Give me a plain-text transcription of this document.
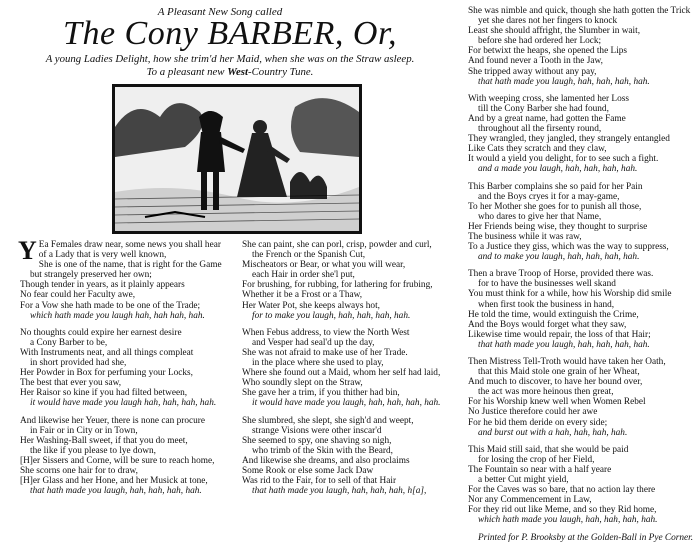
A Pleasant New Song called
The Cony BARBER, Or,
A young Ladies Delight, how she trim'd her Maid, when she was on the Straw asleep.
To a pleasant new West-Country Tune.
Y Ea Females draw near, some news you shall hear
of a Lady that is very well known,
She is one of the name, that is right for the Game
but strangely preserved her own;
Though tender in years, as it plainly appears
No fear could her Faculty awe,
For a Vow she hath made to be one of the Trade;
which hath made you laugh hah, hah hah, hah.
No thoughts could expire her earnest desire
a Cony Barber to be,
With Instruments neat, and all things compleat
in short provided had she,
Her Powder in Box for perfuming your Locks,
The best that ever you saw,
Her Raisor so kine if you had filted between,
it would have made you laugh hah, hah, hah, hah.
And likewise her Yeuer, there is none can procure
in Fair or in City or in Town,
Her Washing-Ball sweet, if that you do meet,
the like if you please to lye down,
[H]er Sissers and Corne, will be sure to reach home,
She scorns one hair for to draw,
[H]er Glass and her Hone, and her Musick at tone,
that hath made you laugh, hah, hah, hah, hah.
She can paint, she can porl, crisp, powder and curl,
the French or the Spanish Cut,
Mischeators or Bear, or what you will wear,
each Hair in order she'l put,
For brushing, for rubbing, for lathering for frubing,
Whether it be a Frost or a Thaw,
Her Water Pot, she keeps always hot,
for to make you laugh, hah, hah, hah, hah.
When Febus address, to view the North West
and Vesper had seal'd up the day,
She was not afraid to make use of her Trade.
in the place where she used to play,
Where she found out a Maid, whom her self had laid,
Who soundly slept on the Straw,
She gave her a trim, if you thither had bin,
it would have made you laugh, hah, hah, hah, hah.
She slumbred, she slept, she sigh'd and weept,
strange Visions were other inscar'd
She seemed to spy, one shaving so nigh,
who trimb of the Skin with the Beard,
And likewise she dreams, and also proclaims
Some Rook or else some Jack Daw
Was rid to the Fair, for to sell of that Hair
that hath made you laugh, hah, hah, hah, h[a],
She was nimble and quick, though she hath gotten the Trick
yet she dares not her fingers to knock
Least she should affright, the Slumber in wait,
before she had ordered her Lock;
For betwixt the heaps, she opened the Lips
And found never a Tooth in the Jaw,
She tripped away without any pay,
that hath made you laugh, hah, hah, hah, hah.
With weeping cross, she lamented her Loss
till the Cony Barber she had found,
And by a great name, had gotten the Fame
throughout all the firsenty round,
They wrangled, they jangled, they strangely entangled
Like Cats they scratch and they claw,
It would a yield you delight, for to see such a fight.
and a made you laugh, hah, hah, hah, hah.
This Barber complains she so paid for her Pain
and the Boys cryes it for a may-game,
To her Mother she goes for to punish all those,
who dares to give her that Name,
Her Friends being wise, they thought to surprise
The business while it was raw,
To a Justice they giss, which was the way to suppress,
and to make you laugh, hah, hah, hah, hah.
Then a brave Troop of Horse, provided there was.
for to have the businesses well skand
You must think for a while, how his Worship did smile
when first took the business in hand,
He told the time, would extinguish the Crime,
And the Boys would forget what they saw,
Likewise time would repair, the loss of that Hair;
that hath made you laugh, hah, hah, hah, hah.
Then Mistress Tell-Troth would have taken her Oath,
that this Maid stole one grain of her Wheat,
And much to discover, to have her bound over,
the act was more heinous then great,
For his Worship knew well when Women Rebel
No Justice therefore could her awe
For he bid them deride on every side;
and burst out with a hah, hah, hah, hah.
This Maid still said, that she would be paid
for losing the crop of her Field,
The Fountain so near with a half yeare
a better Cut might yield,
For the Caves was so bare, that no action lay there
Nor any Commencement in Law,
For they rid out like Meme, and so they Rid home,
which hath made you laugh, hah, hah, hah, hah.
Printed for P. Brooksby at the Golden-Ball in Pye Corner.
